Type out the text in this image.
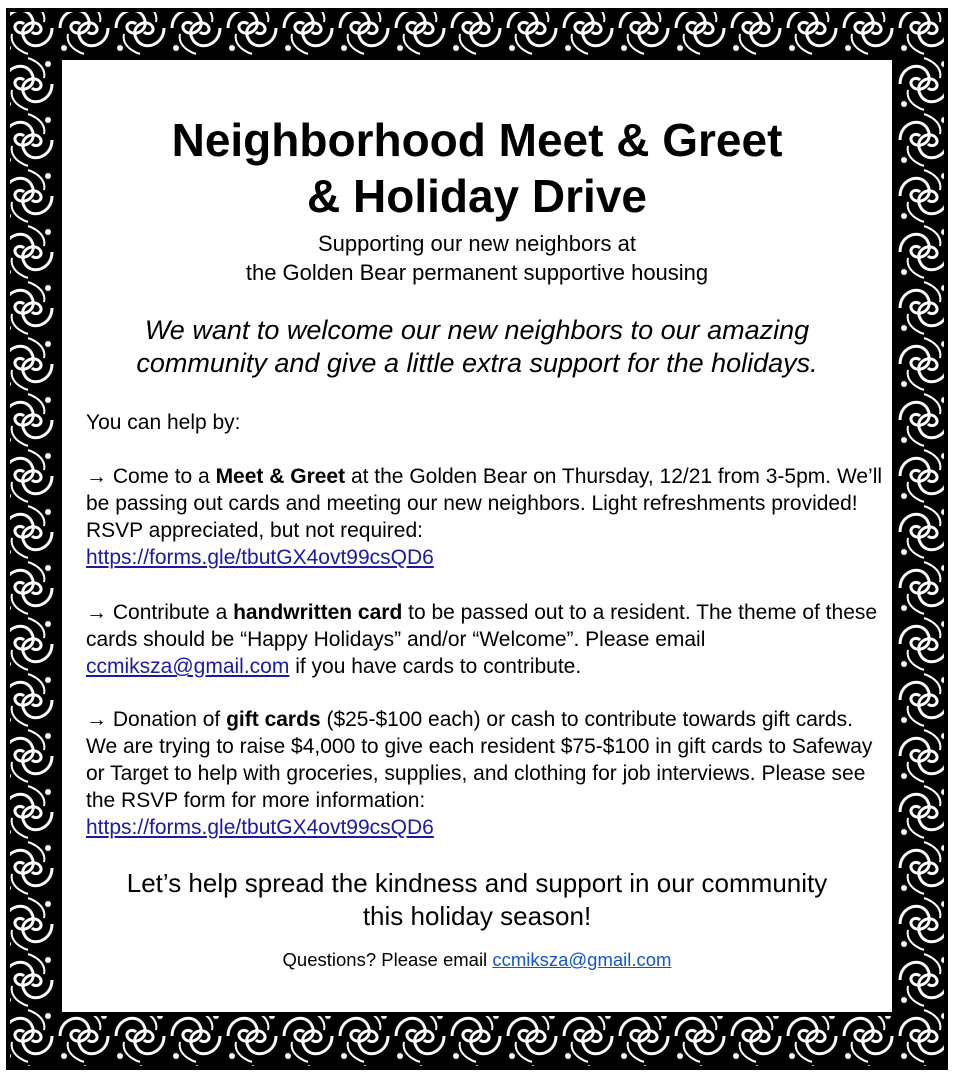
Neighborhood Meet & Greet
& Holiday Drive
Supporting our new neighbors at
the Golden Bear permanent supportive housing
We want to welcome our new neighbors to our amazing
community and give a little extra support for the holidays.
You can help by:
→ Come to a Meet & Greet at the Golden Bear on Thursday, 12/21 from 3-5pm. We’ll be passing out cards and meeting our new neighbors. Light refreshments provided! RSVP appreciated, but not required:
https://forms.gle/tbutGX4ovt99csQD6
→ Contribute a handwritten card to be passed out to a resident. The theme of these cards should be “Happy Holidays” and/or “Welcome”. Please email ccmiksza@gmail.com if you have cards to contribute.
→ Donation of gift cards ($25-$100 each) or cash to contribute towards gift cards. We are trying to raise $4,000 to give each resident $75-$100 in gift cards to Safeway or Target to help with groceries, supplies, and clothing for job interviews. Please see the RSVP form for more information:
https://forms.gle/tbutGX4ovt99csQD6
Let’s help spread the kindness and support in our community
this holiday season!
Questions? Please email ccmiksza@gmail.com
